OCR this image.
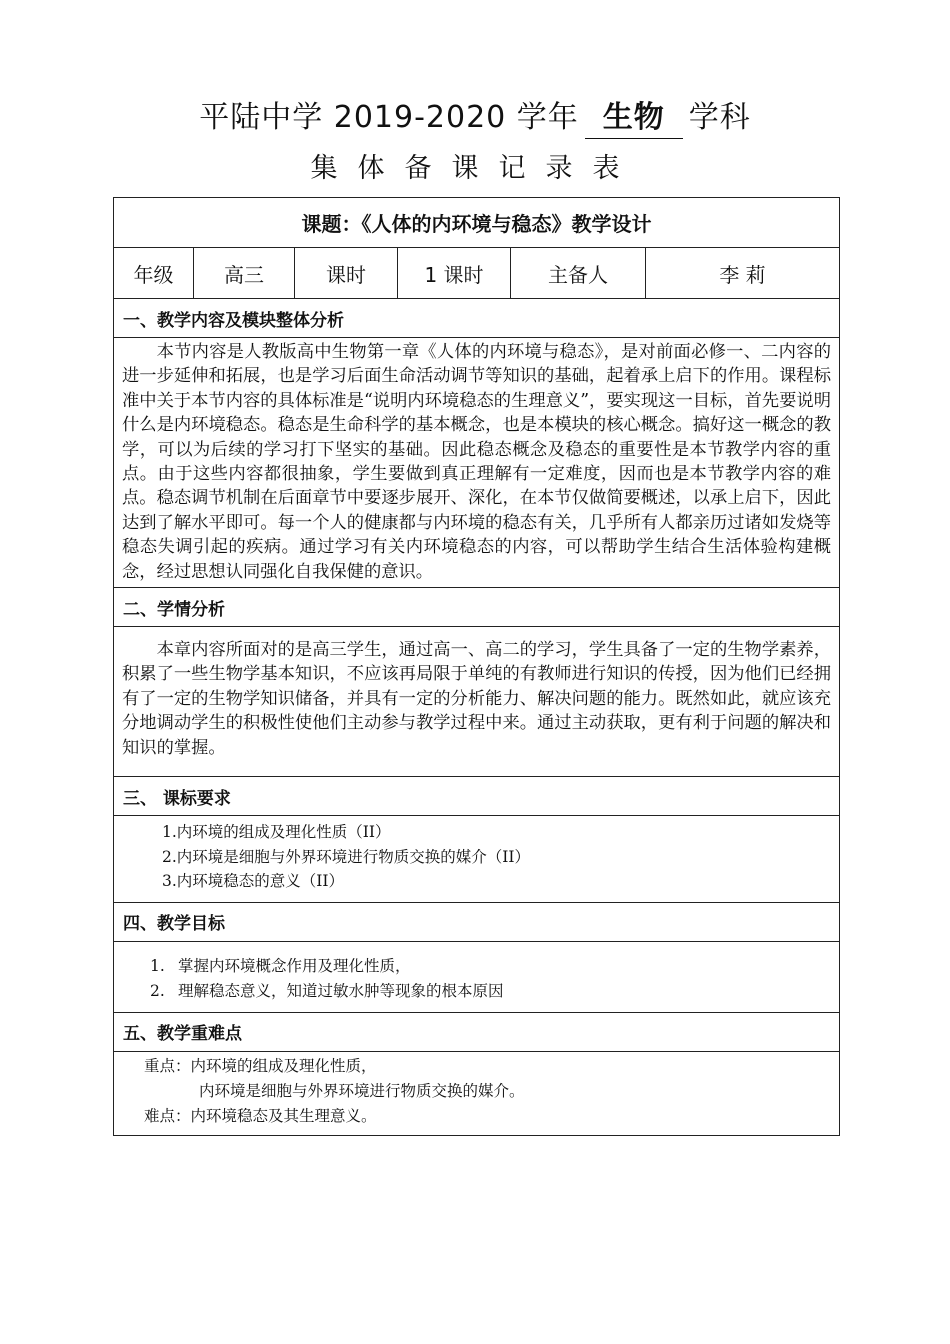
平陆中学 2019-2020 学年 生物 学科
集体备课记录表
课题：《人体的内环境与稳态》教学设计
年级	高三	课时	1 课时	主备人	李 莉
一、教学内容及模块整体分析
本节内容是人教版高中生物第一章《人体的内环境与稳态》，是对前面必修一、二内容的进一步延伸和拓展，也是学习后面生命活动调节等知识的基础，起着承上启下的作用。课程标准中关于本节内容的具体标准是“说明内环境稳态的生理意义”，要实现这一目标，首先要说明什么是内环境稳态。稳态是生命科学的基本概念，也是本模块的核心概念。搞好这一概念的教学，可以为后续的学习打下坚实的基础。因此稳态概念及稳态的重要性是本节教学内容的重点。由于这些内容都很抽象，学生要做到真正理解有一定难度，因而也是本节教学内容的难点。稳态调节机制在后面章节中要逐步展开、深化，在本节仅做简要概述，以承上启下，因此达到了解水平即可。每一个人的健康都与内环境的稳态有关，几乎所有人都亲历过诸如发烧等稳态失调引起的疾病。通过学习有关内环境稳态的内容，可以帮助学生结合生活体验构建概念，经过思想认同强化自我保健的意识。
二、学情分析
本章内容所面对的是高三学生，通过高一、高二的学习，学生具备了一定的生物学素养，积累了一些生物学基本知识，不应该再局限于单纯的有教师进行知识的传授，因为他们已经拥有了一定的生物学知识储备，并具有一定的分析能力、解决问题的能力。既然如此，就应该充分地调动学生的积极性使他们主动参与教学过程中来。通过主动获取，更有利于问题的解决和知识的掌握。
三、 课标要求

1.内环境的组成及理化性质（II）
2.内环境是细胞与外界环境进行物质交换的媒介（II）
3.内环境稳态的意义（II）

四、教学目标

1. 掌握内环境概念作用及理化性质，
2. 理解稳态意义，知道过敏水肿等现象的根本原因

五、教学重难点

重点：内环境的组成及理化性质，
内环境是细胞与外界环境进行物质交换的媒介。
难点：内环境稳态及其生理意义。
